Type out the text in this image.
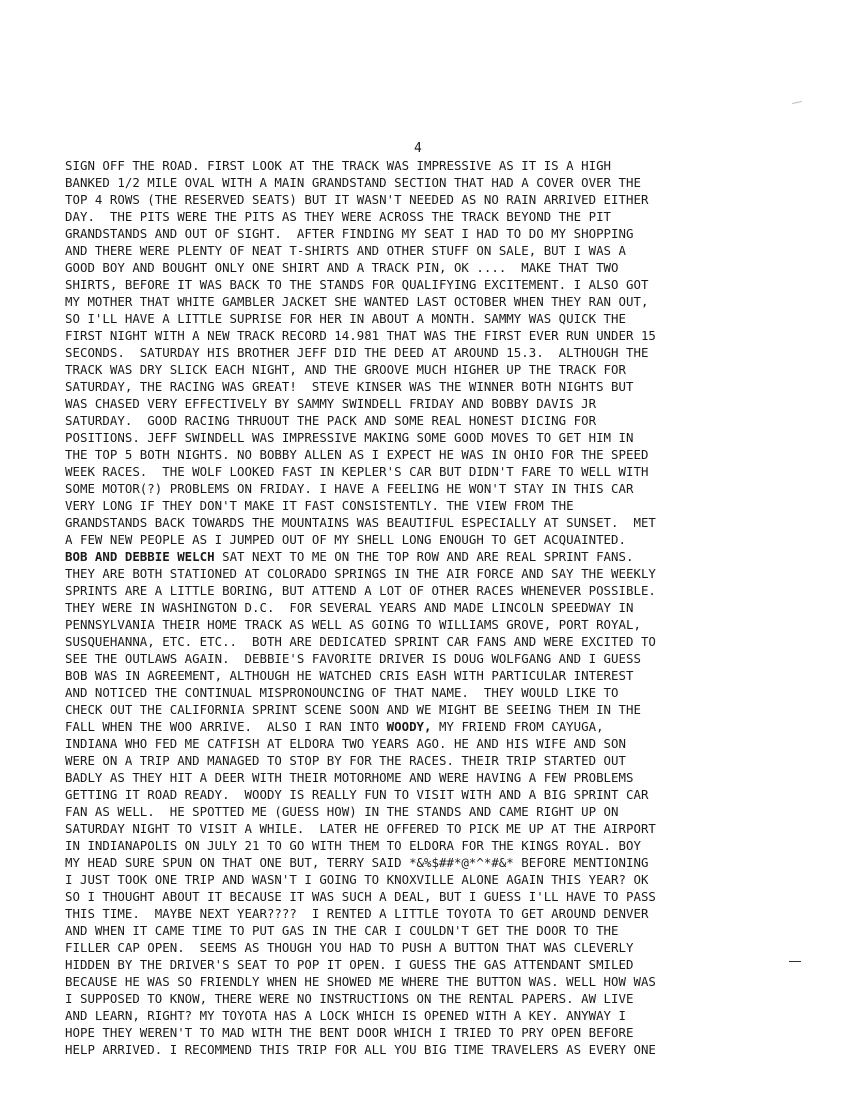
4
SIGN OFF THE ROAD. FIRST LOOK AT THE TRACK WAS IMPRESSIVE AS IT IS A HIGH
BANKED 1/2 MILE OVAL WITH A MAIN GRANDSTAND SECTION THAT HAD A COVER OVER THE
TOP 4 ROWS (THE RESERVED SEATS) BUT IT WASN'T NEEDED AS NO RAIN ARRIVED EITHER
DAY.  THE PITS WERE THE PITS AS THEY WERE ACROSS THE TRACK BEYOND THE PIT
GRANDSTANDS AND OUT OF SIGHT.  AFTER FINDING MY SEAT I HAD TO DO MY SHOPPING
AND THERE WERE PLENTY OF NEAT T-SHIRTS AND OTHER STUFF ON SALE, BUT I WAS A
GOOD BOY AND BOUGHT ONLY ONE SHIRT AND A TRACK PIN, OK ....  MAKE THAT TWO
SHIRTS, BEFORE IT WAS BACK TO THE STANDS FOR QUALIFYING EXCITEMENT. I ALSO GOT
MY MOTHER THAT WHITE GAMBLER JACKET SHE WANTED LAST OCTOBER WHEN THEY RAN OUT,
SO I'LL HAVE A LITTLE SUPRISE FOR HER IN ABOUT A MONTH. SAMMY WAS QUICK THE
FIRST NIGHT WITH A NEW TRACK RECORD 14.981 THAT WAS THE FIRST EVER RUN UNDER 15
SECONDS.  SATURDAY HIS BROTHER JEFF DID THE DEED AT AROUND 15.3.  ALTHOUGH THE
TRACK WAS DRY SLICK EACH NIGHT, AND THE GROOVE MUCH HIGHER UP THE TRACK FOR
SATURDAY, THE RACING WAS GREAT!  STEVE KINSER WAS THE WINNER BOTH NIGHTS BUT
WAS CHASED VERY EFFECTIVELY BY SAMMY SWINDELL FRIDAY AND BOBBY DAVIS JR
SATURDAY.  GOOD RACING THRUOUT THE PACK AND SOME REAL HONEST DICING FOR
POSITIONS. JEFF SWINDELL WAS IMPRESSIVE MAKING SOME GOOD MOVES TO GET HIM IN
THE TOP 5 BOTH NIGHTS. NO BOBBY ALLEN AS I EXPECT HE WAS IN OHIO FOR THE SPEED
WEEK RACES.  THE WOLF LOOKED FAST IN KEPLER'S CAR BUT DIDN'T FARE TO WELL WITH
SOME MOTOR(?) PROBLEMS ON FRIDAY. I HAVE A FEELING HE WON'T STAY IN THIS CAR
VERY LONG IF THEY DON'T MAKE IT FAST CONSISTENTLY. THE VIEW FROM THE
GRANDSTANDS BACK TOWARDS THE MOUNTAINS WAS BEAUTIFUL ESPECIALLY AT SUNSET.  MET
A FEW NEW PEOPLE AS I JUMPED OUT OF MY SHELL LONG ENOUGH TO GET ACQUAINTED.
BOB AND DEBBIE WELCH SAT NEXT TO ME ON THE TOP ROW AND ARE REAL SPRINT FANS.
THEY ARE BOTH STATIONED AT COLORADO SPRINGS IN THE AIR FORCE AND SAY THE WEEKLY
SPRINTS ARE A LITTLE BORING, BUT ATTEND A LOT OF OTHER RACES WHENEVER POSSIBLE.
THEY WERE IN WASHINGTON D.C.  FOR SEVERAL YEARS AND MADE LINCOLN SPEEDWAY IN
PENNSYLVANIA THEIR HOME TRACK AS WELL AS GOING TO WILLIAMS GROVE, PORT ROYAL,
SUSQUEHANNA, ETC. ETC..  BOTH ARE DEDICATED SPRINT CAR FANS AND WERE EXCITED TO
SEE THE OUTLAWS AGAIN.  DEBBIE'S FAVORITE DRIVER IS DOUG WOLFGANG AND I GUESS
BOB WAS IN AGREEMENT, ALTHOUGH HE WATCHED CRIS EASH WITH PARTICULAR INTEREST
AND NOTICED THE CONTINUAL MISPRONOUNCING OF THAT NAME.  THEY WOULD LIKE TO
CHECK OUT THE CALIFORNIA SPRINT SCENE SOON AND WE MIGHT BE SEEING THEM IN THE
FALL WHEN THE WOO ARRIVE.  ALSO I RAN INTO WOODY, MY FRIEND FROM CAYUGA,
INDIANA WHO FED ME CATFISH AT ELDORA TWO YEARS AGO. HE AND HIS WIFE AND SON
WERE ON A TRIP AND MANAGED TO STOP BY FOR THE RACES. THEIR TRIP STARTED OUT
BADLY AS THEY HIT A DEER WITH THEIR MOTORHOME AND WERE HAVING A FEW PROBLEMS
GETTING IT ROAD READY.  WOODY IS REALLY FUN TO VISIT WITH AND A BIG SPRINT CAR
FAN AS WELL.  HE SPOTTED ME (GUESS HOW) IN THE STANDS AND CAME RIGHT UP ON
SATURDAY NIGHT TO VISIT A WHILE.  LATER HE OFFERED TO PICK ME UP AT THE AIRPORT
IN INDIANAPOLIS ON JULY 21 TO GO WITH THEM TO ELDORA FOR THE KINGS ROYAL. BOY
MY HEAD SURE SPUN ON THAT ONE BUT, TERRY SAID *&%$##*@*^*#&* BEFORE MENTIONING
I JUST TOOK ONE TRIP AND WASN'T I GOING TO KNOXVILLE ALONE AGAIN THIS YEAR? OK
SO I THOUGHT ABOUT IT BECAUSE IT WAS SUCH A DEAL, BUT I GUESS I'LL HAVE TO PASS
THIS TIME.  MAYBE NEXT YEAR????  I RENTED A LITTLE TOYOTA TO GET AROUND DENVER
AND WHEN IT CAME TIME TO PUT GAS IN THE CAR I COULDN'T GET THE DOOR TO THE
FILLER CAP OPEN.  SEEMS AS THOUGH YOU HAD TO PUSH A BUTTON THAT WAS CLEVERLY
HIDDEN BY THE DRIVER'S SEAT TO POP IT OPEN. I GUESS THE GAS ATTENDANT SMILED
BECAUSE HE WAS SO FRIENDLY WHEN HE SHOWED ME WHERE THE BUTTON WAS. WELL HOW WAS
I SUPPOSED TO KNOW, THERE WERE NO INSTRUCTIONS ON THE RENTAL PAPERS. AW LIVE
AND LEARN, RIGHT? MY TOYOTA HAS A LOCK WHICH IS OPENED WITH A KEY. ANYWAY I
HOPE THEY WEREN'T TO MAD WITH THE BENT DOOR WHICH I TRIED TO PRY OPEN BEFORE
HELP ARRIVED. I RECOMMEND THIS TRIP FOR ALL YOU BIG TIME TRAVELERS AS EVERY ONE
